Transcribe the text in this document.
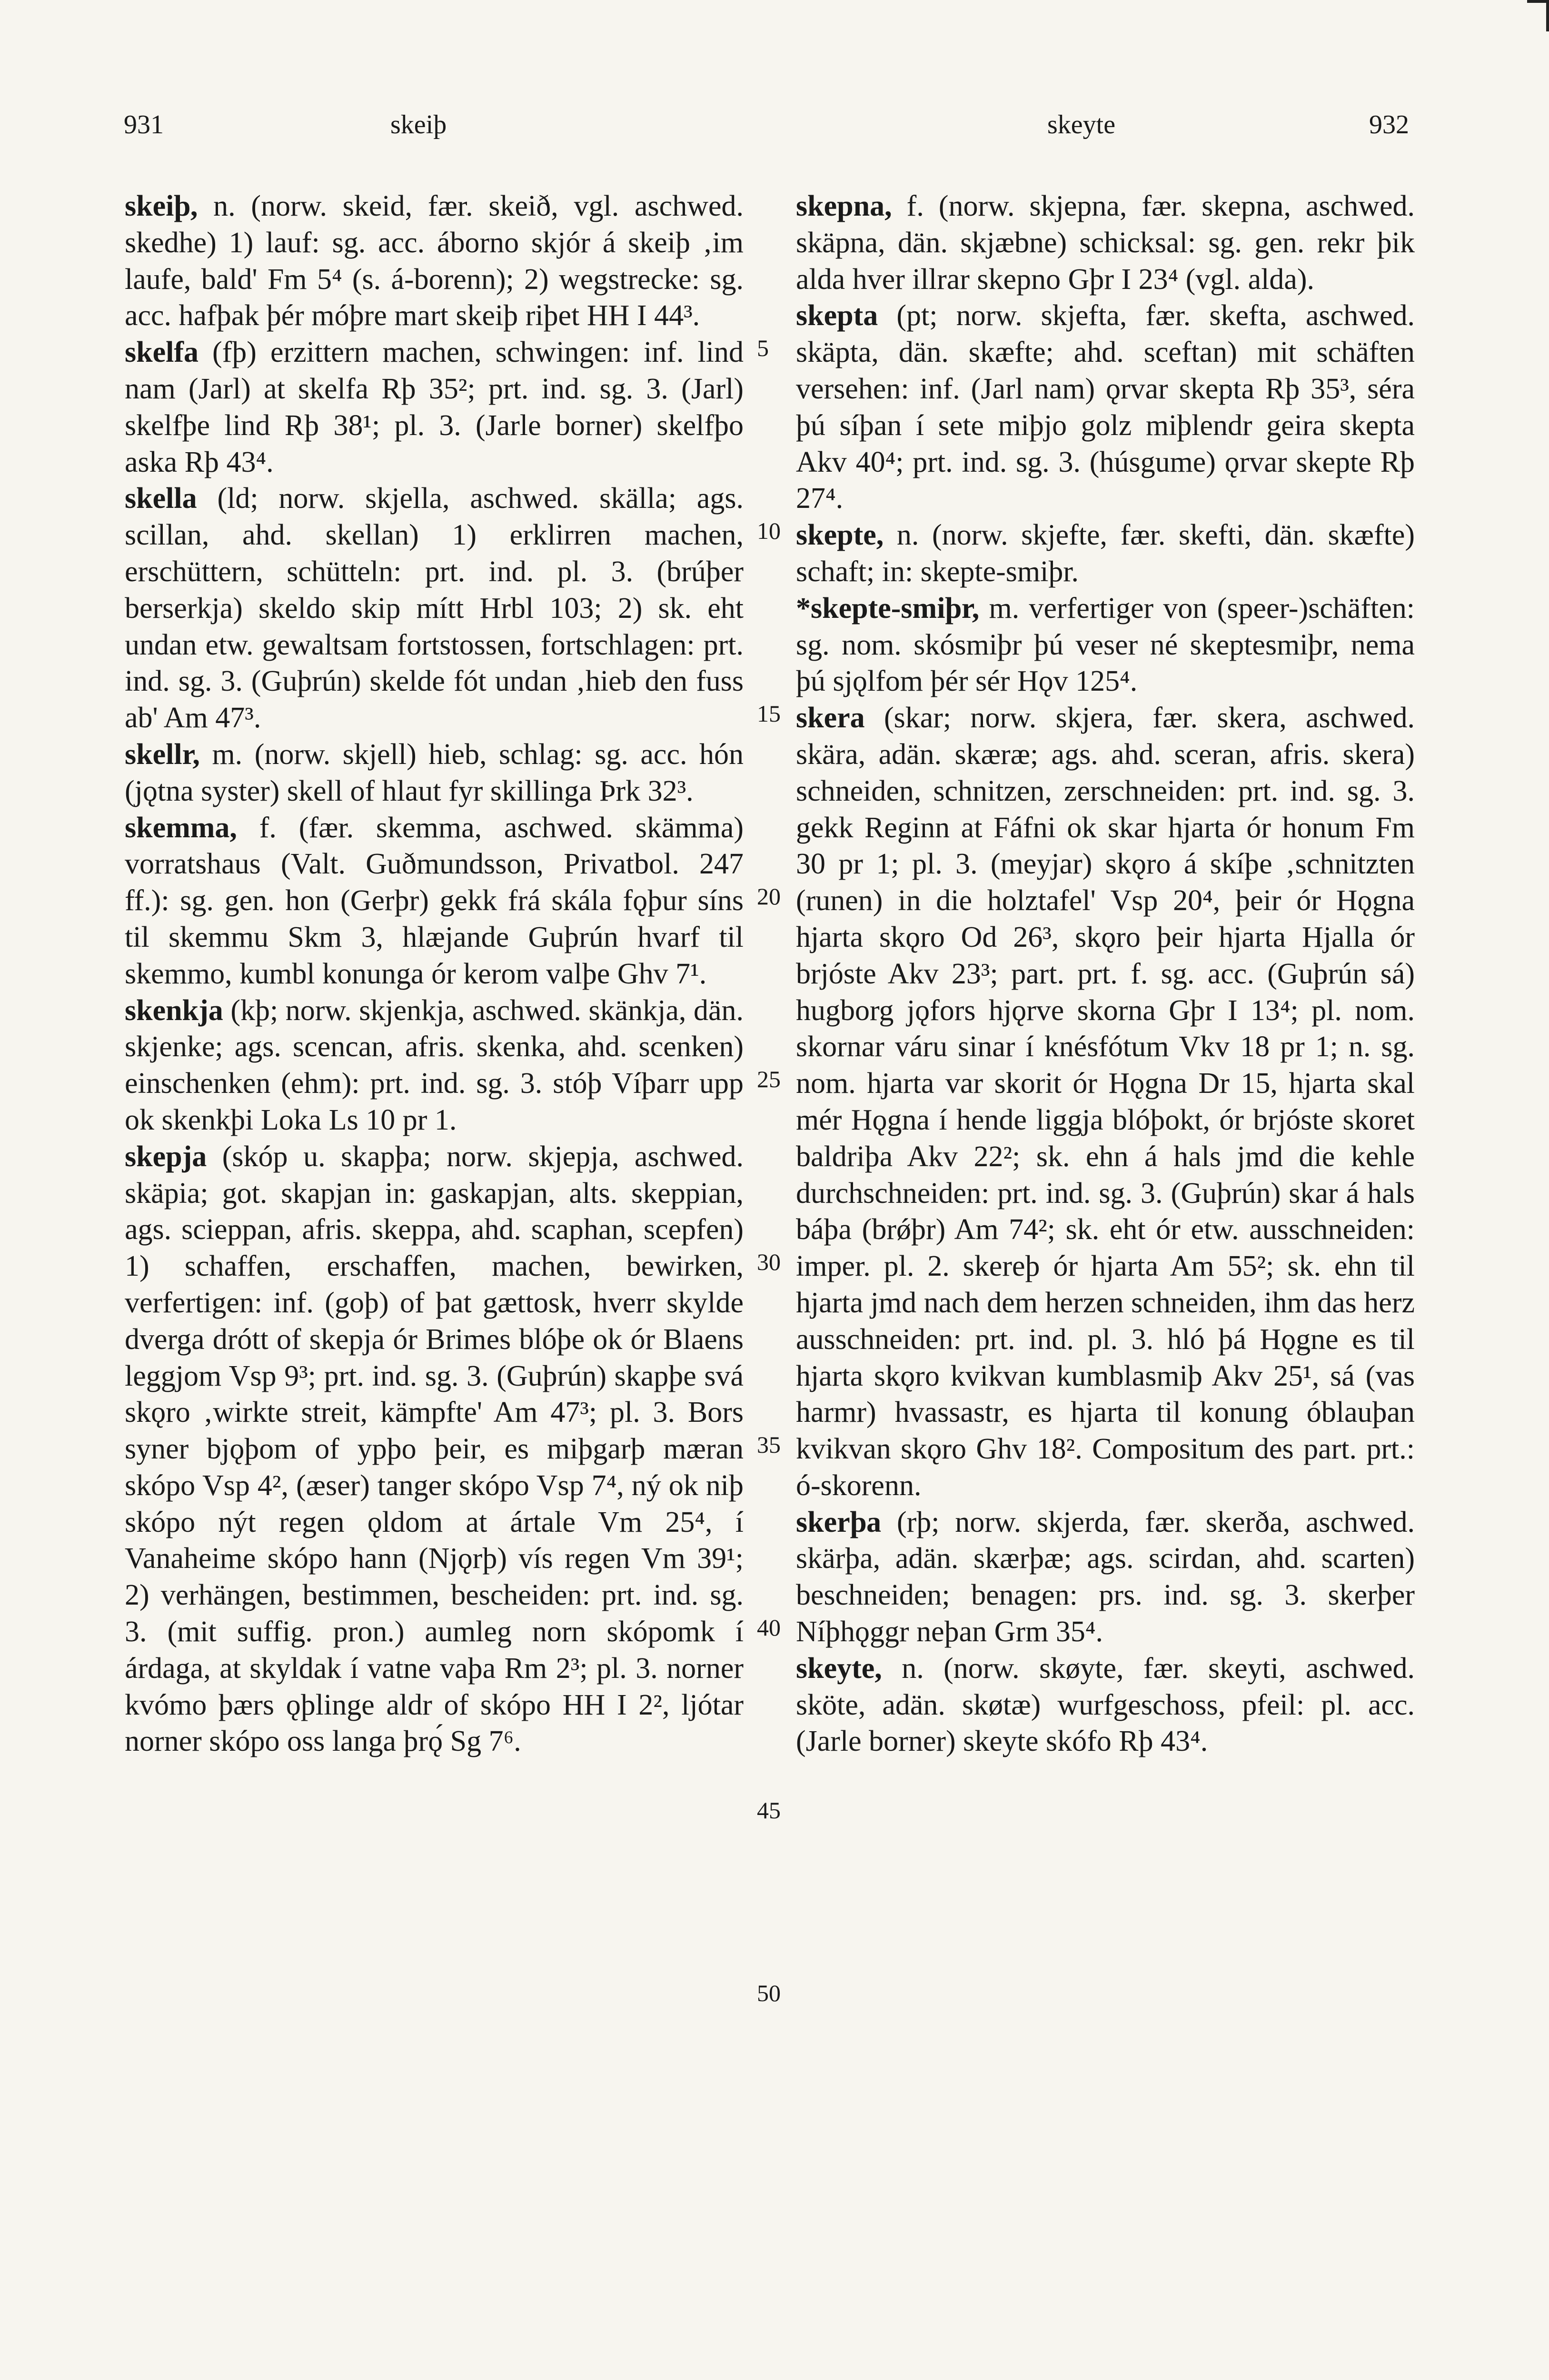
931	skeiþ	skeyte	932

skeiþ, n. (norw. skeid, fær. skeið, vgl. aschwed. skedhe) 1) lauf: sg. acc. áborno skjór á skeiþ ‚im laufe, bald' Fm 5⁴ (s. á-borenn); 2) wegstrecke: sg. acc. hafþak þér móþre mart skeiþ riþet HH I 44³.

skelfa (fþ) erzittern machen, schwingen: inf. lind nam (Jarl) at skelfa Rþ 35²; prt. ind. sg. 3. (Jarl) skelfþe lind Rþ 38¹; pl. 3. (Jarle borner) skelfþo aska Rþ 43⁴.

skella (ld; norw. skjella, aschwed. skälla; ags. scillan, ahd. skellan) 1) erklirren machen, erschüttern, schütteln: prt. ind. pl. 3. (brúþer berserkja) skeldo skip mítt Hrbl 103; 2) sk. eht undan etw. gewaltsam fortstossen, fortschlagen: prt. ind. sg. 3. (Guþrún) skelde fót undan ‚hieb den fuss ab' Am 47³.

skellr, m. (norw. skjell) hieb, schlag: sg. acc. hón (jǫtna syster) skell of hlaut fyr skillinga Þrk 32³.

skemma, f. (fær. skemma, aschwed. skämma) vorratshaus (Valt. Guðmundsson, Privatbol. 247 ff.): sg. gen. hon (Gerþr) gekk frá skála fǫþur síns til skemmu Skm 3, hlæjande Guþrún hvarf til skemmo, kumbl konunga ór kerom valþe Ghv 7¹.

skenkja (kþ; norw. skjenkja, aschwed. skänkja, dän. skjenke; ags. scencan, afris. skenka, ahd. scenken) einschenken (ehm): prt. ind. sg. 3. stóþ Víþarr upp ok skenkþi Loka Ls 10 pr 1.

skepja (skóp u. skapþa; norw. skjepja, aschwed. skäpia; got. skapjan in: gaskapjan, alts. skeppian, ags. scieppan, afris. skeppa, ahd. scaphan, scepfen) 1) schaffen, erschaffen, machen, bewirken, verfertigen: inf. (goþ) of þat gættosk, hverr skylde dverga drótt of skepja ór Brimes blóþe ok ór Blaens leggjom Vsp 9³; prt. ind. sg. 3. (Guþrún) skapþe svá skǫro ‚wirkte streit, kämpfte' Am 47³; pl. 3. Bors syner bjǫþom of ypþo þeir, es miþgarþ mæran skópo Vsp 4², (æser) tanger skópo Vsp 7⁴, ný ok niþ skópo nýt regen ǫldom at ártale Vm 25⁴, í Vanaheime skópo hann (Njǫrþ) vís regen Vm 39¹; 2) verhängen, bestimmen, bescheiden: prt. ind. sg. 3. (mit suffig. pron.) aumleg norn skópomk í árdaga, at skyldak í vatne vaþa Rm 2³; pl. 3. norner kvómo þærs ǫþlinge aldr of skópo HH I 2², ljótar norner skópo oss langa þrǫ́ Sg 7⁶.

5
10
15
20
25
30
35
40
45
50

skepna, f. (norw. skjepna, fær. skepna, aschwed. skäpna, dän. skjæbne) schicksal: sg. gen. rekr þik alda hver illrar skepno Gþr I 23⁴ (vgl. alda).

skepta (pt; norw. skjefta, fær. skefta, aschwed. skäpta, dän. skæfte; ahd. sceftan) mit schäften versehen: inf. (Jarl nam) ǫrvar skepta Rþ 35³, séra þú síþan í sete miþjo golz miþlendr geira skepta Akv 40⁴; prt. ind. sg. 3. (húsgume) ǫrvar skepte Rþ 27⁴.

skepte, n. (norw. skjefte, fær. skefti, dän. skæfte) schaft; in: skepte-smiþr.

*skepte-smiþr, m. verfertiger von (speer-)schäften: sg. nom. skósmiþr þú veser né skeptesmiþr, nema þú sjǫlfom þér sér Hǫv 125⁴.

skera (skar; norw. skjera, fær. skera, aschwed. skära, adän. skæræ; ags. ahd. sceran, afris. skera) schneiden, schnitzen, zerschneiden: prt. ind. sg. 3. gekk Reginn at Fáfni ok skar hjarta ór honum Fm 30 pr 1; pl. 3. (meyjar) skǫro á skíþe ‚schnitzten (runen) in die holztafel' Vsp 20⁴, þeir ór Hǫgna hjarta skǫro Od 26³, skǫro þeir hjarta Hjalla ór brjóste Akv 23³; part. prt. f. sg. acc. (Guþrún sá) hugborg jǫfors hjǫrve skorna Gþr I 13⁴; pl. nom. skornar váru sinar í knésfótum Vkv 18 pr 1; n. sg. nom. hjarta var skorit ór Hǫgna Dr 15, hjarta skal mér Hǫgna í hende liggja blóþokt, ór brjóste skoret baldriþa Akv 22²; sk. ehn á hals jmd die kehle durchschneiden: prt. ind. sg. 3. (Guþrún) skar á hals báþa (brǿþr) Am 74²; sk. eht ór etw. ausschneiden: imper. pl. 2. skereþ ór hjarta Am 55²; sk. ehn til hjarta jmd nach dem herzen schneiden, ihm das herz ausschneiden: prt. ind. pl. 3. hló þá Hǫgne es til hjarta skǫro kvikvan kumblasmiþ Akv 25¹, sá (vas harmr) hvassastr, es hjarta til konung óblauþan kvikvan skǫro Ghv 18². Compositum des part. prt.: ó-skorenn.

skerþa (rþ; norw. skjerda, fær. skerða, aschwed. skärþa, adän. skærþæ; ags. scirdan, ahd. scarten) beschneiden; benagen: prs. ind. sg. 3. skerþer Níþhǫggr neþan Grm 35⁴.

skeyte, n. (norw. skøyte, fær. skeyti, aschwed. sköte, adän. skøtæ) wurfgeschoss, pfeil: pl. acc. (Jarle borner) skeyte skófo Rþ 43⁴.
